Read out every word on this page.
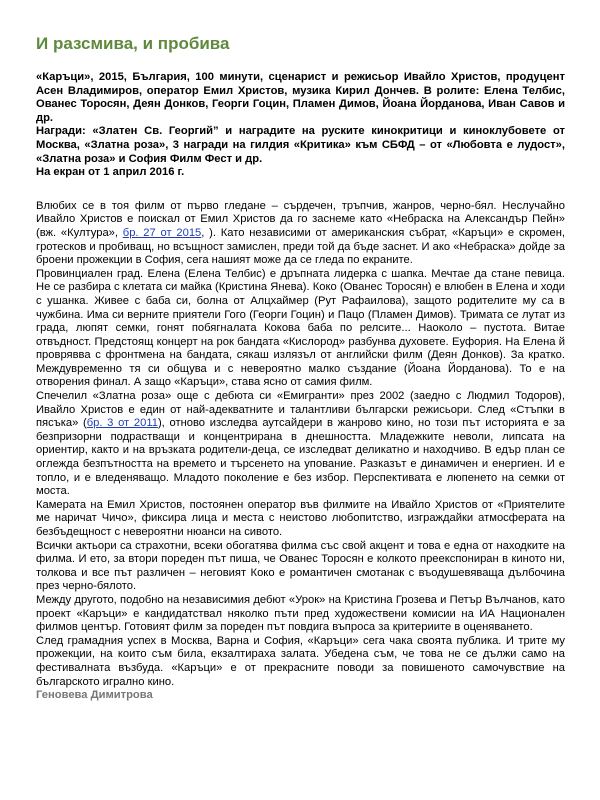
И разсмива, и пробива

«Каръци», 2015, България, 100 минути, сценарист и режисьор Ивайло Христов, продуцент Асен Владимиров, оператор Емил Христов, музика Кирил Дончев. В ролите: Елена Телбис, Ованес Торосян, Деян Донков, Георги Гоцин, Пламен Димов, Йоана Йорданова, Иван Савов и др.

Награди: «Златен Св. Георгий” и наградите на руските кинокритици и киноклубовете от Москва, «Златна роза», 3 награди на гилдия «Критика» към СБФД – от «Любовта е лудост», «Златна роза» и София Филм Фест и др.

На екран от 1 април 2016 г.

Влюбих се в тоя филм от първо гледане – сърдечен, тръпчив, жанров, черно-бял. Неслучайно Ивайло Христов е поискал от Емил Христов да го заснеме като «Небраска на Александър Пейн» (вж. «Култура», бр. 27 от 2015, ). Като независими от американския събрат, «Каръци» е скромен, гротесков и пробиващ, но всъщност замислен, преди той да бъде заснет. И ако «Небраска» дойде за броени прожекции в София, сега нашият може да се гледа по екраните.

Провинциален град. Елена (Елена Телбис) е дръпната лидерка с шапка. Мечтае да стане певица. Не се разбира с клетата си майка (Кристина Янева). Коко (Ованес Торосян) е влюбен в Елена и ходи с ушанка. Живее с баба си, болна от Алцхаймер (Рут Рафаилова), защото родителите му са в чужбина. Има си верните приятели Гого (Георги Гоцин) и Пацо (Пламен Димов). Тримата се лутат из града, люпят семки, гонят побягналата Кокова баба по релсите... Наоколо – пустота. Витае отвъдност. Предстоящ концерт на рок бандата «Кислород» разбунва духовете. Еуфория. На Елена й проврявва с фронтмена на бандата, сякаш излязъл от английски филм (Деян Донков). За кратко. Междувременно тя си общува и с невероятно малко създание (Йоана Йорданова). То е на отворения финал. А защо «Каръци», става ясно от самия филм.

Спечелил «Златна роза» още с дебюта си «Емигранти» през 2002 (заедно с Людмил Тодоров), Ивайло Христов е един от най-адекватните и талантливи български режисьори. След «Стъпки в пясъка» (бр. 3 от 2011), отново изследва аутсайдери в жанрово кино, но този път историята е за безпризорни подрастващи и концентрирана в днешността. Младежките неволи, липсата на ориентир, както и на връзката родители-деца, се изследват деликатно и находчиво. В едър план се оглежда безпътността на времето и търсенето на упование. Разказът е динамичен и енергиен. И е топло, и е вледеняващо. Младото поколение е без избор. Перспективата е люпенето на семки от моста.

Камерата на Емил Христов, постоянен оператор във филмите на Ивайло Христов от «Приятелите ме наричат Чичо», фиксира лица и места с неистово любопитство, изграждайки атмосферата на безбъдещност с невероятни нюанси на сивото.

Всички актьори са страхотни, всеки обогатява филма със свой акцент и това е една от находките на филма. И ето, за втори пореден път пиша, че Ованес Торосян е колкото преекспониран в киното ни, толкова и все път различен – неговият Коко е романтичен смотанак с въодушевяваща дълбочина през черно-бялото.

Между другото, подобно на независимия дебют «Урок» на Кристина Грозева и Петър Вълчанов, като проект «Каръци» е кандидатствал няколко пъти пред художествени комисии на ИА Национален филмов център. Готовият филм за пореден път повдига въпроса за критериите в оценяването.

След грамадния успех в Москва, Варна и София, «Каръци» сега чака своята публика. И трите му прожекции, на които съм била, екзалтираха залата. Убедена съм, че това не се дължи само на фестивалната възбуда. «Каръци» е от прекрасните поводи за повишеното самочувствие на българското игрално кино.

Геновева Димитрова
